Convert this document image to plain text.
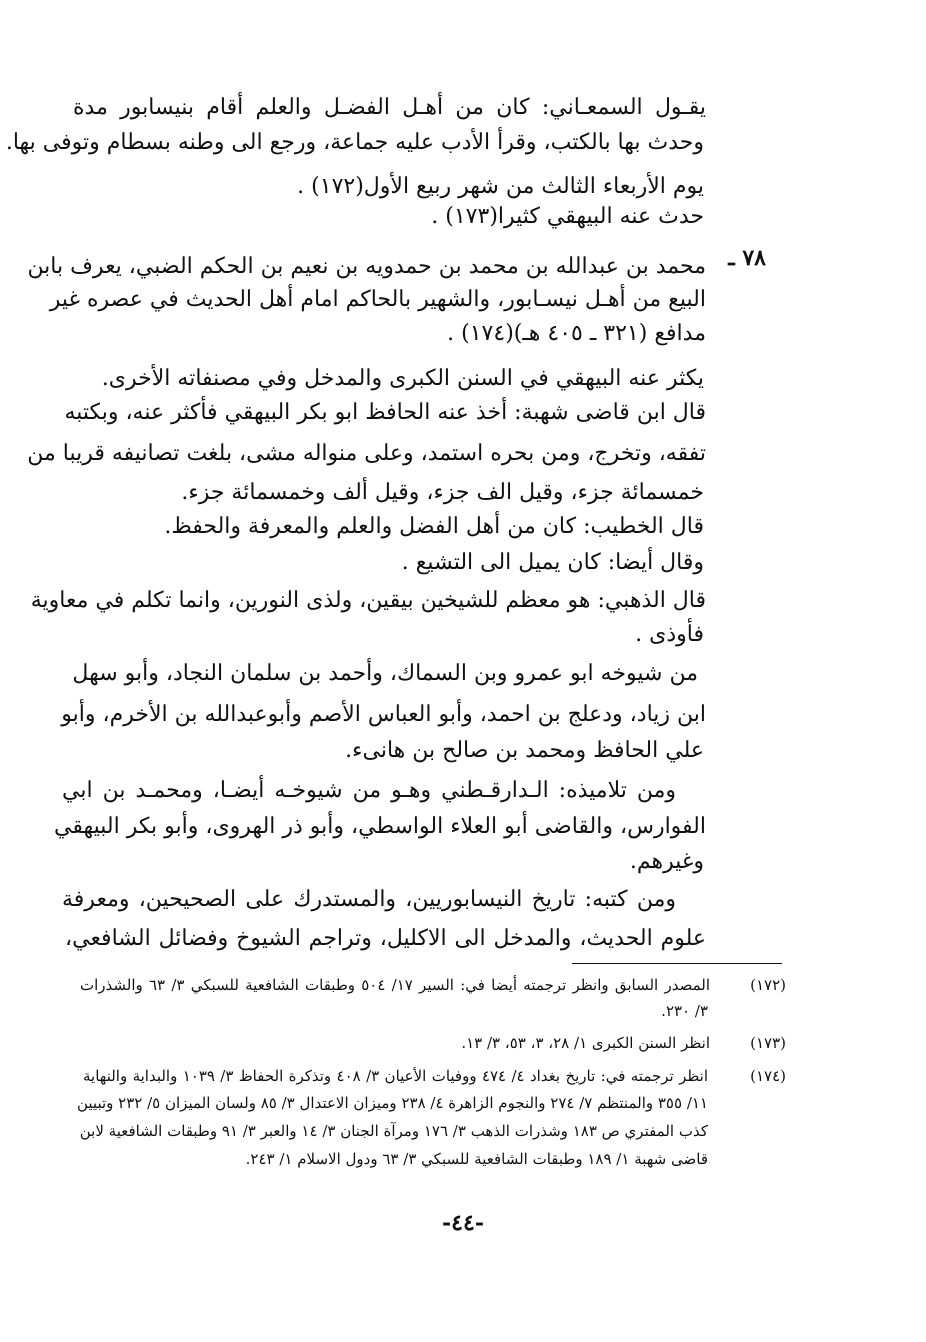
يقـول السمعـاني: كان من أهـل الفضـل والعلم أقام بنيسابور مدة
وحدث بها بالكتب، وقرأ الأدب عليه جماعة، ورجع الى وطنه بسطام وتوفى بها.
يوم الأربعاء الثالث من شهر ربيع الأول(١٧٢) .
حدث عنه البيهقي كثيرا(١٧٣) .
٧٨ ـ
محمد بن عبدالله بن محمد بن حمدويه بن نعيم بن الحكم الضبي، يعرف بابن
البيع من أهـل نيسـابور، والشهير بالحاكم امام أهل الحديث في عصره غير
مدافع (٣٢١ ـ ٤٠٥ هـ)(١٧٤) .
يكثر عنه البيهقي في السنن الكبرى والمدخل وفي مصنفاته الأخرى.
قال ابن قاضى شهبة: أخذ عنه الحافظ ابو بكر البيهقي فأكثر عنه، وبكتبه
تفقه، وتخرج، ومن بحره استمد، وعلى منواله مشى، بلغت تصانيفه قريبا من
خمسمائة جزء، وقيل الف جزء، وقيل ألف وخمسمائة جزء.
قال الخطيب: كان من أهل الفضل والعلم والمعرفة والحفظ.
وقال أيضا: كان يميل الى التشيع .
قال الذهبي: هو معظم للشيخين بيقين، ولذى النورين، وانما تكلم في معاوية
فأوذى .
من شيوخه ابو عمرو وبن السماك، وأحمد بن سلمان النجاد، وأبو سهل
ابن زياد، ودعلج بن احمد، وأبو العباس الأصم وأبوعبدالله بن الأخرم، وأبو
علي الحافظ ومحمد بن صالح بن هانىء.
ومن تلاميذه: الـدارقـطني وهـو من شيوخـه أيضـا، ومحمـد بن ابي
الفوارس، والقاضى أبو العلاء الواسطي، وأبو ذر الهروى، وأبو بكر البيهقي
وغيرهم.
ومن كتبه: تاريخ النيسابوريين، والمستدرك على الصحيحين، ومعرفة
علوم الحديث، والمدخل الى الاكليل، وتراجم الشيوخ وفضائل الشافعي،
(١٧٢)
المصدر السابق وانظر ترجمته أيضا في: السير ١٧/ ٥٠٤ وطبقات الشافعية للسبكي ٣/ ٦٣ والشذرات
٣/ ٢٣٠.
(١٧٣)
انظر السنن الكبرى ١/ ٢٨، ٣، ٥٣، ٣/ ١٣.
(١٧٤)
انظر ترجمته في: تاريخ بغداد ٤/ ٤٧٤ ووفيات الأعيان ٣/ ٤٠٨ وتذكرة الحفاظ ٣/ ١٠٣٩ والبداية والنهاية
١١/ ٣٥٥ والمنتظم ٧/ ٢٧٤ والنجوم الزاهرة ٤/ ٢٣٨ وميزان الاعتدال ٣/ ٨٥ ولسان الميزان ٥/ ٢٣٢ وتبيين
كذب المفتري ص ١٨٣ وشذرات الذهب ٣/ ١٧٦ ومرآة الجنان ٣/ ١٤ والعبر ٣/ ٩١ وطبقات الشافعية لابن
قاضى شهبة ١/ ١٨٩ وطبقات الشافعية للسبكي ٣/ ٦٣ ودول الاسلام ١/ ٢٤٣.
-٤٤-
